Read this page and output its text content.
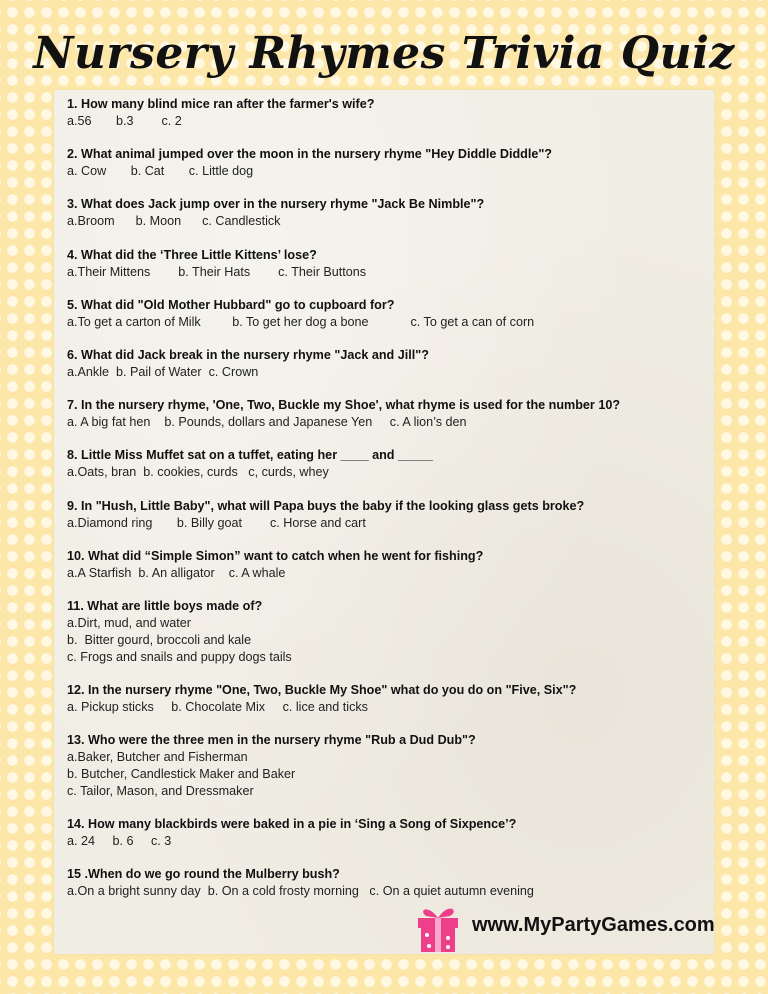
Nursery Rhymes Trivia Quiz
1. How many blind mice ran after the farmer's wife?
a.56       b.3        c. 2
2. What animal jumped over the moon in the nursery rhyme "Hey Diddle Diddle"?
a. Cow       b. Cat       c. Little dog
3. What does Jack jump over in the nursery rhyme "Jack Be Nimble"?
a.Broom      b. Moon      c. Candlestick
4. What did the ‘Three Little Kittens’ lose?
a.Their Mittens        b. Their Hats        c. Their Buttons
5. What did "Old Mother Hubbard" go to cupboard for?
a.To get a carton of Milk         b. To get her dog a bone            c. To get a can of corn
6. What did Jack break in the nursery rhyme "Jack and Jill"?
a.Ankle  b. Pail of Water  c. Crown
7. In the nursery rhyme, 'One, Two, Buckle my Shoe', what rhyme is used for the number 10?
a. A big fat hen    b. Pounds, dollars and Japanese Yen     c. A lion’s den
8. Little Miss Muffet sat on a tuffet, eating her ____ and _____
a.Oats, bran  b. cookies, curds   c, curds, whey
9. In "Hush, Little Baby", what will Papa buys the baby if the looking glass gets broke?
a.Diamond ring       b. Billy goat        c. Horse and cart
10. What did “Simple Simon” want to catch when he went for fishing?
a.A Starfish  b. An alligator    c. A whale
11. What are little boys made of?
a.Dirt, mud, and water
b.  Bitter gourd, broccoli and kale
c. Frogs and snails and puppy dogs tails
12. In the nursery rhyme "One, Two, Buckle My Shoe" what do you do on "Five, Six"?
a. Pickup sticks     b. Chocolate Mix     c. lice and ticks
13. Who were the three men in the nursery rhyme "Rub a Dud Dub"?
a.Baker, Butcher and Fisherman
b. Butcher, Candlestick Maker and Baker
c. Tailor, Mason, and Dressmaker
14. How many blackbirds were baked in a pie in ‘Sing a Song of Sixpence’?
a. 24     b. 6     c. 3
15 .When do we go round the Mulberry bush?
a.On a bright sunny day  b. On a cold frosty morning   c. On a quiet autumn evening
www.MyPartyGames.com
